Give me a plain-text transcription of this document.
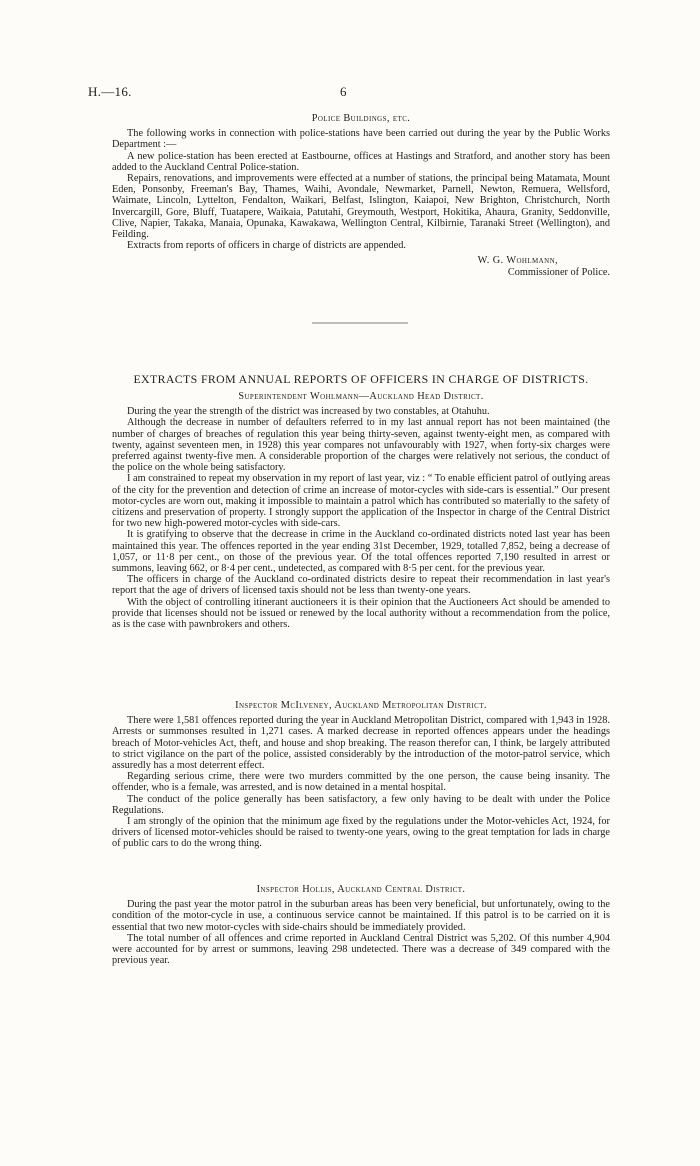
H.—16.	6
Police Buildings, etc.

The following works in connection with police-stations have been carried out during the year by the Public Works Department :—

A new police-station has been erected at Eastbourne, offices at Hastings and Stratford, and another story has been added to the Auckland Central Police-station.

Repairs, renovations, and improvements were effected at a number of stations, the principal being Matamata, Mount Eden, Ponsonby, Freeman's Bay, Thames, Waihi, Avondale, Newmarket, Parnell, Newton, Remuera, Wellsford, Waimate, Lincoln, Lyttelton, Fendalton, Waikari, Belfast, Islington, Kaiapoi, New Brighton, Christchurch, North Invercargill, Gore, Bluff, Tuatapere, Waikaia, Patutahi, Greymouth, Westport, Hokitika, Ahaura, Granity, Seddonville, Clive, Napier, Takaka, Manaia, Opunaka, Kawakawa, Wellington Central, Kilbirnie, Taranaki Street (Wellington), and Feilding.

Extracts from reports of officers in charge of districts are appended.

W. G. Wohlmann,
Commissioner of Police.
EXTRACTS FROM ANNUAL REPORTS OF OFFICERS IN CHARGE OF DISTRICTS.
Superintendent Wohlmann—Auckland Head District.

During the year the strength of the district was increased by two constables, at Otahuhu.

Although the decrease in number of defaulters referred to in my last annual report has not been maintained (the number of charges of breaches of regulation this year being thirty-seven, against twenty-eight men, as compared with twenty, against seventeen men, in 1928) this year compares not unfavourably with 1927, when forty-six charges were preferred against twenty-five men. A considerable proportion of the charges were relatively not serious, the conduct of the police on the whole being satisfactory.

I am constrained to repeat my observation in my report of last year, viz : “ To enable efficient patrol of outlying areas of the city for the prevention and detection of crime an increase of motor-cycles with side-cars is essential.” Our present motor-cycles are worn out, making it impossible to maintain a patrol which has contributed so materially to the safety of citizens and preservation of property. I strongly support the application of the Inspector in charge of the Central District for two new high-powered motor-cycles with side-cars.

It is gratifying to observe that the decrease in crime in the Auckland co-ordinated districts noted last year has been maintained this year. The offences reported in the year ending 31st December, 1929, totalled 7,852, being a decrease of 1,057, or 11·8 per cent., on those of the previous year. Of the total offences reported 7,190 resulted in arrest or summons, leaving 662, or 8·4 per cent., undetected, as compared with 8·5 per cent. for the previous year.

The officers in charge of the Auckland co-ordinated districts desire to repeat their recommendation in last year's report that the age of drivers of licensed taxis should not be less than twenty-one years.

With the object of controlling itinerant auctioneers it is their opinion that the Auctioneers Act should be amended to provide that licenses should not be issued or renewed by the local authority without a recommendation from the police, as is the case with pawnbrokers and others.

Inspector McIlveney, Auckland Metropolitan District.

There were 1,581 offences reported during the year in Auckland Metropolitan District, compared with 1,943 in 1928. Arrests or summonses resulted in 1,271 cases. A marked decrease in reported offences appears under the headings breach of Motor-vehicles Act, theft, and house and shop breaking. The reason therefor can, I think, be largely attributed to strict vigilance on the part of the police, assisted considerably by the introduction of the motor-patrol service, which assuredly has a most deterrent effect.

Regarding serious crime, there were two murders committed by the one person, the cause being insanity. The offender, who is a female, was arrested, and is now detained in a mental hospital.

The conduct of the police generally has been satisfactory, a few only having to be dealt with under the Police Regulations.

I am strongly of the opinion that the minimum age fixed by the regulations under the Motor-vehicles Act, 1924, for drivers of licensed motor-vehicles should be raised to twenty-one years, owing to the great temptation for lads in charge of public cars to do the wrong thing.

Inspector Hollis, Auckland Central District.

During the past year the motor patrol in the suburban areas has been very beneficial, but unfortunately, owing to the condition of the motor-cycle in use, a continuous service cannot be maintained. If this patrol is to be carried on it is essential that two new motor-cycles with side-chairs should be immediately provided.

The total number of all offences and crime reported in Auckland Central District was 5,202. Of this number 4,904 were accounted for by arrest or summons, leaving 298 undetected. There was a decrease of 349 compared with the previous year.
